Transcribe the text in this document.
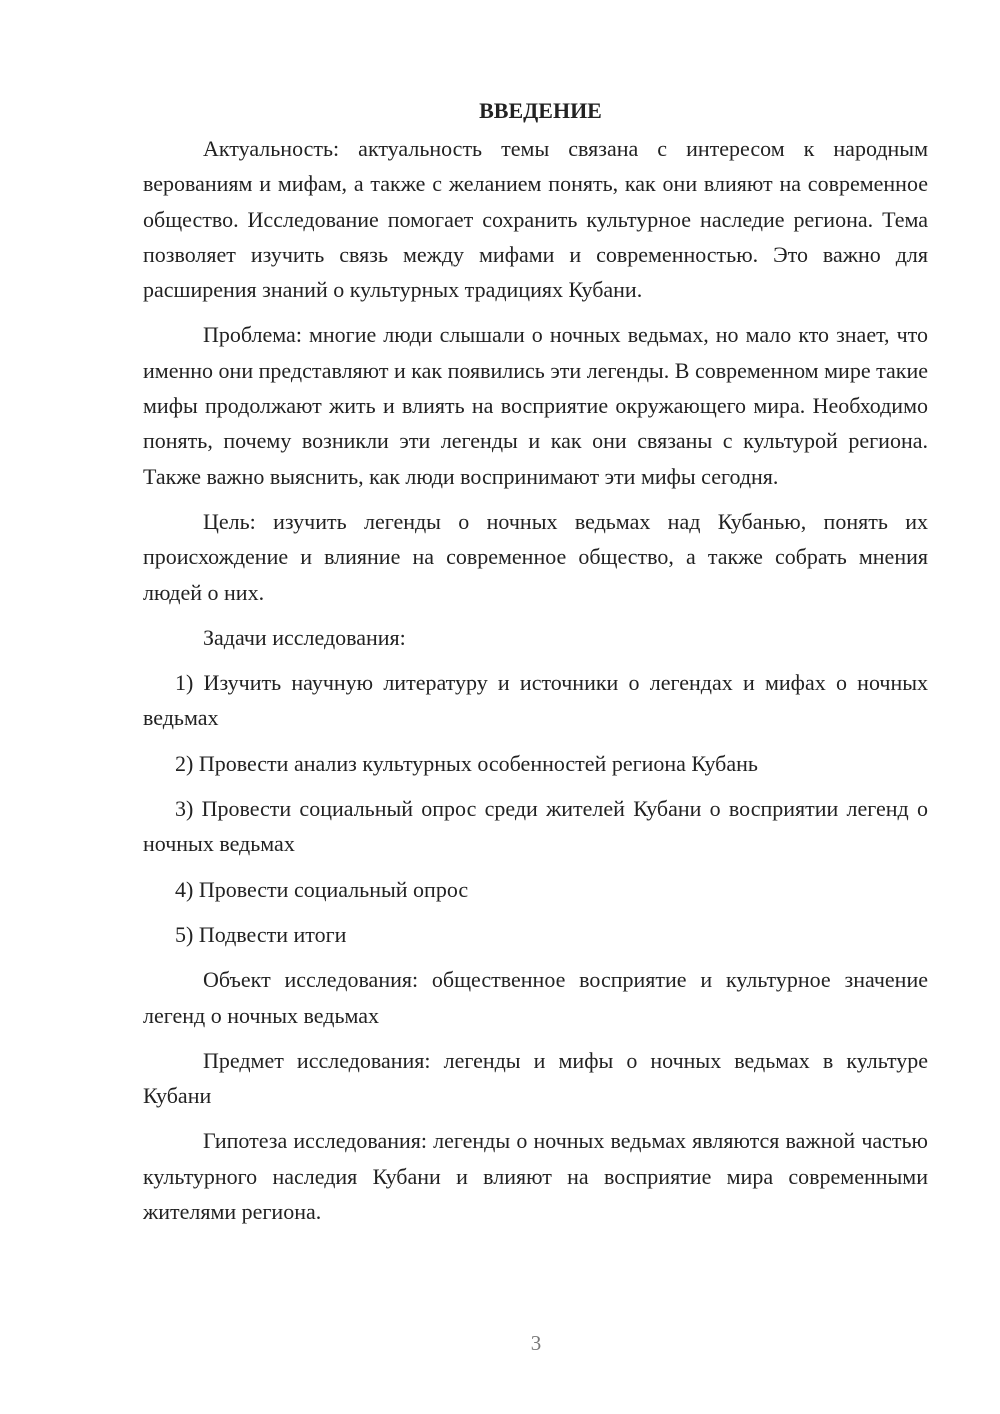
ВВЕДЕНИЕ

Актуальность: актуальность темы связана с интересом к народным верованиям и мифам, а также с желанием понять, как они влияют на современное общество. Исследование помогает сохранить культурное наследие региона. Тема позволяет изучить связь между мифами и современностью. Это важно для расширения знаний о культурных традициях Кубани.

Проблема: многие люди слышали о ночных ведьмах, но мало кто знает, что именно они представляют и как появились эти легенды. В современном мире такие мифы продолжают жить и влиять на восприятие окружающего мира. Необходимо понять, почему возникли эти легенды и как они связаны с культурой региона. Также важно выяснить, как люди воспринимают эти мифы сегодня.

Цель: изучить легенды о ночных ведьмах над Кубанью, понять их происхождение и влияние на современное общество, а также собрать мнения людей о них.

Задачи исследования:

1) Изучить научную литературу и источники о легендах и мифах о ночных ведьмах

2) Провести анализ культурных особенностей региона Кубань

3) Провести социальный опрос среди жителей Кубани о восприятии легенд о ночных ведьмах

4) Провести социальный опрос

5) Подвести итоги

Объект исследования: общественное восприятие и культурное значение легенд о ночных ведьмах

Предмет исследования: легенды и мифы о ночных ведьмах в культуре Кубани

Гипотеза исследования: легенды о ночных ведьмах являются важной частью культурного наследия Кубани и влияют на восприятие мира современными жителями региона.

3
